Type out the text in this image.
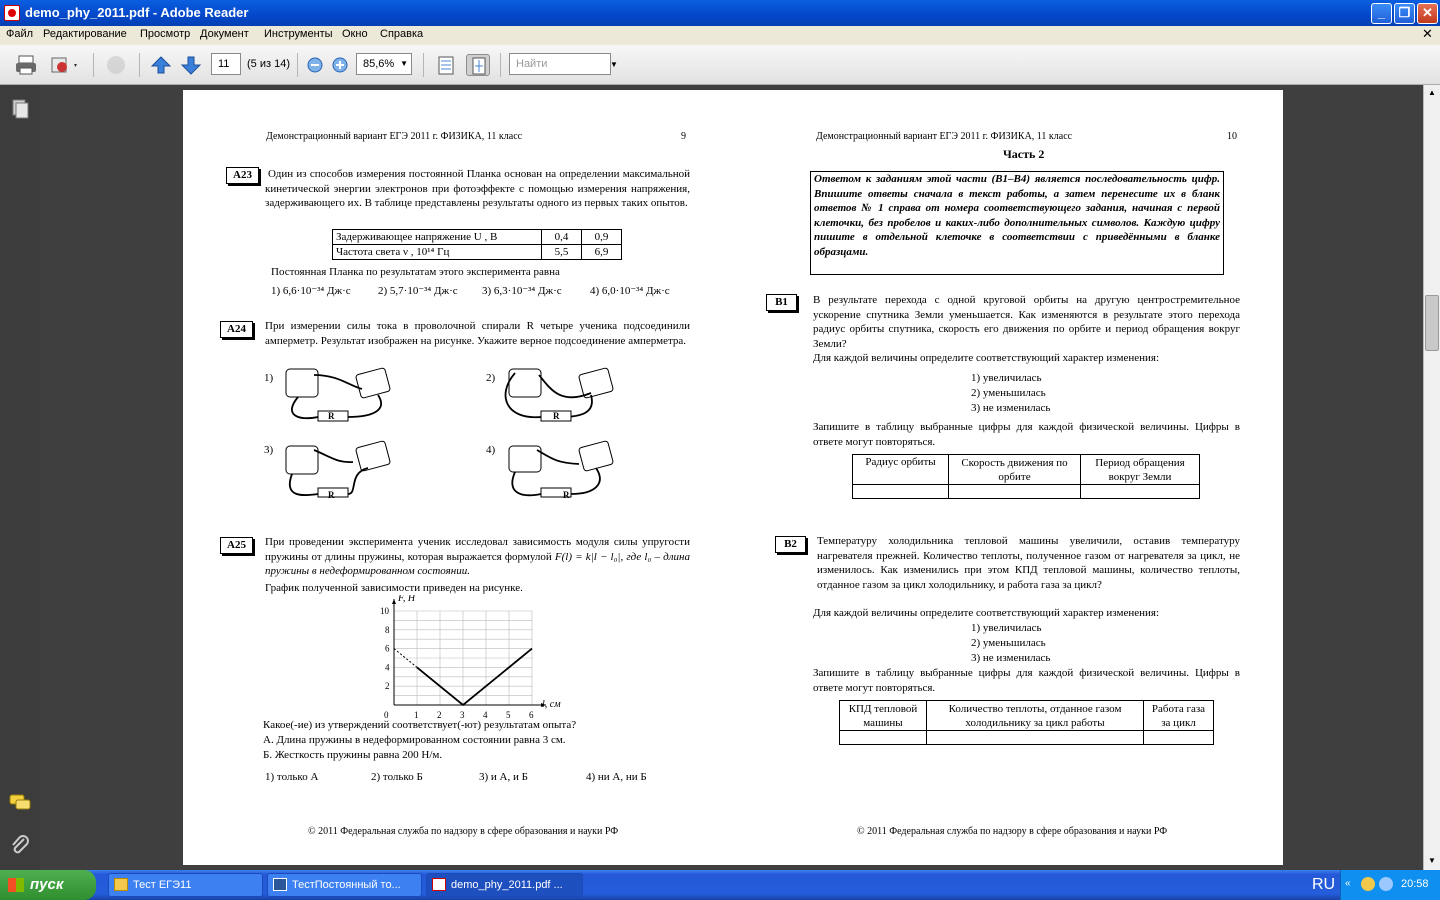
demo_phy_2011.pdf - Adobe Reader	_	❐ ✕
Файл Редактирование Просмотр Документ Инструменты Окно Справка	✕
11	(5 из 14)	85,6% ▼	Найти	▼
Демонстрационный вариант ЕГЭ 2011 г. ФИЗИКА, 11 класс	9
А23	Один из способов измерения постоянной Планка основан на определении максимальной кинетической энергии электронов при фотоэффекте с помощью измерения напряжения, задерживающего их. В таблице представлены результаты одного из первых таких опытов.
Задерживающее напряжение U , В	0,4	0,9
Частота света ν , 10¹⁴ Гц	5,5	6,9
Постоянная Планка по результатам этого эксперимента равна
1) 6,6·10⁻³⁴ Дж·с 2) 5,7·10⁻³⁴ Дж·с 3) 6,3·10⁻³⁴ Дж·с	4) 6,0·10⁻³⁴ Дж·с
А24	При измерении силы тока в проволочной спирали R четыре ученика подсоединили амперметр. Результат изображен на рисунке. Укажите верное подсоединение амперметра.
1)	2)
3)	4)
R	R
R	R
А25	При проведении эксперимента ученик исследовал зависимость модуля силы упругости пружины от длины пружины, которая выражается формулой F(l) = k|l − l₀|, где l₀ – длина пружины в недеформированном состоянии.
График полученной зависимости приведен на рисунке.
0	1 2 3 4 5 6
2
4
6
8
10
l, см
F, Н
Какое(-ие) из утверждений соответствует(-ют) результатам опыта?
А. Длина пружины в недеформированном состоянии равна 3 см.
Б. Жесткость пружины равна 200 Н/м.
1) только А	2) только Б	3) и А, и Б	4) ни А, ни Б
© 2011 Федеральная служба по надзору в сфере образования и науки РФ
Демонстрационный вариант ЕГЭ 2011 г. ФИЗИКА, 11 класс	10
Часть 2
Ответом к заданиям этой части (В1–В4) является последовательность цифр. Впишите ответы сначала в текст работы, а затем перенесите их в бланк ответов № 1 справа от номера соответствующего задания, начиная с первой клеточки, без пробелов и каких-либо дополнительных символов. Каждую цифру пишите в отдельной клеточке в соответствии с приведёнными в бланке образцами.
В1	В результате перехода с одной круговой орбиты на другую центростремительное ускорение спутника Земли уменьшается. Как изменяются в результате этого перехода радиус орбиты спутника, скорость его движения по орбите и период обращения вокруг Земли?
Для каждой величины определите соответствующий характер изменения:
1) увеличилась
2) уменьшилась
3) не изменилась
Запишите в таблицу выбранные цифры для каждой физической величины. Цифры в ответе могут повторяться.
Радиус орбиты	Скорость движения по орбите	Период обращения вокруг Земли

В2	Температуру холодильника тепловой машины увеличили, оставив температуру нагревателя прежней. Количество теплоты, полученное газом от нагревателя за цикл, не изменилось. Как изменились при этом КПД тепловой машины, количество теплоты, отданное газом за цикл холодильнику, и работа газа за цикл?
Для каждой величины определите соответствующий характер изменения:
1) увеличилась
2) уменьшилась
3) не изменилась
Запишите в таблицу выбранные цифры для каждой физической величины. Цифры в ответе могут повторяться.
КПД тепловой машины	Количество теплоты, отданное газом холодильнику за цикл работы	Работа газа за цикл

© 2011 Федеральная служба по надзору в сфере образования и науки РФ
▲
▼
пуск	Тест ЕГЭ11	ТестПостоянный то...	demo_phy_2011.pdf ...	RU «	20:58
